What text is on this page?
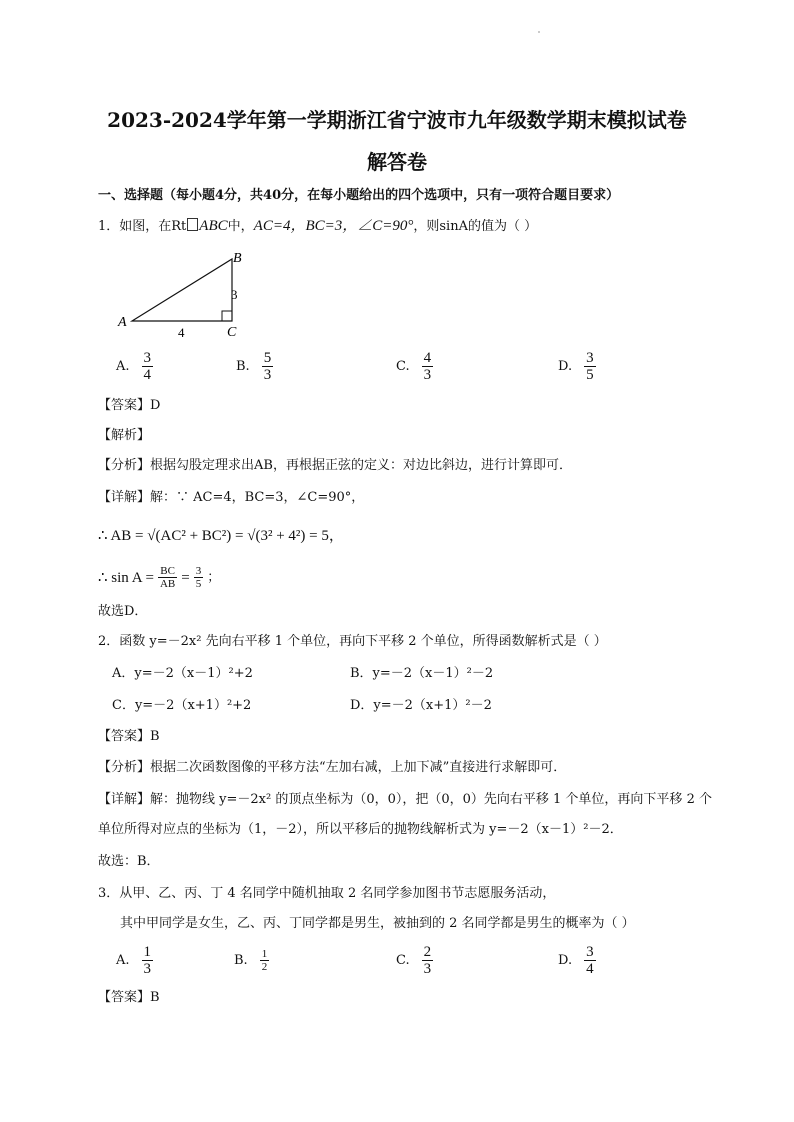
2023-2024学年第一学期浙江省宁波市九年级数学期末模拟试卷
解答卷
一、选择题（每小题4分，共40分，在每小题给出的四个选项中，只有一项符合题目要求）
1．如图，在Rt ABC中，AC=4，BC=3，∠C=90°，则sinA的值为（ ）
A
B
C
4
3
A. $\frac{3}{4}$	B. $\frac{5}{3}$	C. $\frac{4}{3}$	D. $\frac{3}{5}$
【答案】D
【解析】
【分析】根据勾股定理求出AB，再根据正弦的定义：对边比斜边，进行计算即可．
【详解】解：∵ AC=4，BC=3，∠C=90°，
∴ AB = √(AC² + BC²) = √(3² + 4²) = 5，
∴ $\sin A = \frac{BC}{AB} = \frac{3}{5}$ ；
故选D．
2．函数 y=－2x² 先向右平移 1 个单位，再向下平移 2 个单位，所得函数解析式是（ ）
A．y=－2（x－1）²+2	B．y=－2（x－1）²－2
C．y=－2（x+1）²+2	D．y=－2（x+1）²－2
【答案】B
【分析】根据二次函数图像的平移方法“左加右减，上加下减”直接进行求解即可．
【详解】解：抛物线 y=－2x² 的顶点坐标为（0，0），把（0，0）先向右平移 1 个单位，再向下平移 2 个
单位所得对应点的坐标为（1，－2），所以平移后的抛物线解析式为 y=－2（x－1）²－2．
故选：B．
3．从甲、乙、丙、丁 4 名同学中随机抽取 2 名同学参加图书节志愿服务活动，
其中甲同学是女生，乙、丙、丁同学都是男生，被抽到的 2 名同学都是男生的概率为（ ）
A. $\frac{1}{3}$	B. $\frac{1}{2}$	C. $\frac{2}{3}$	D. $\frac{3}{4}$
【答案】B
